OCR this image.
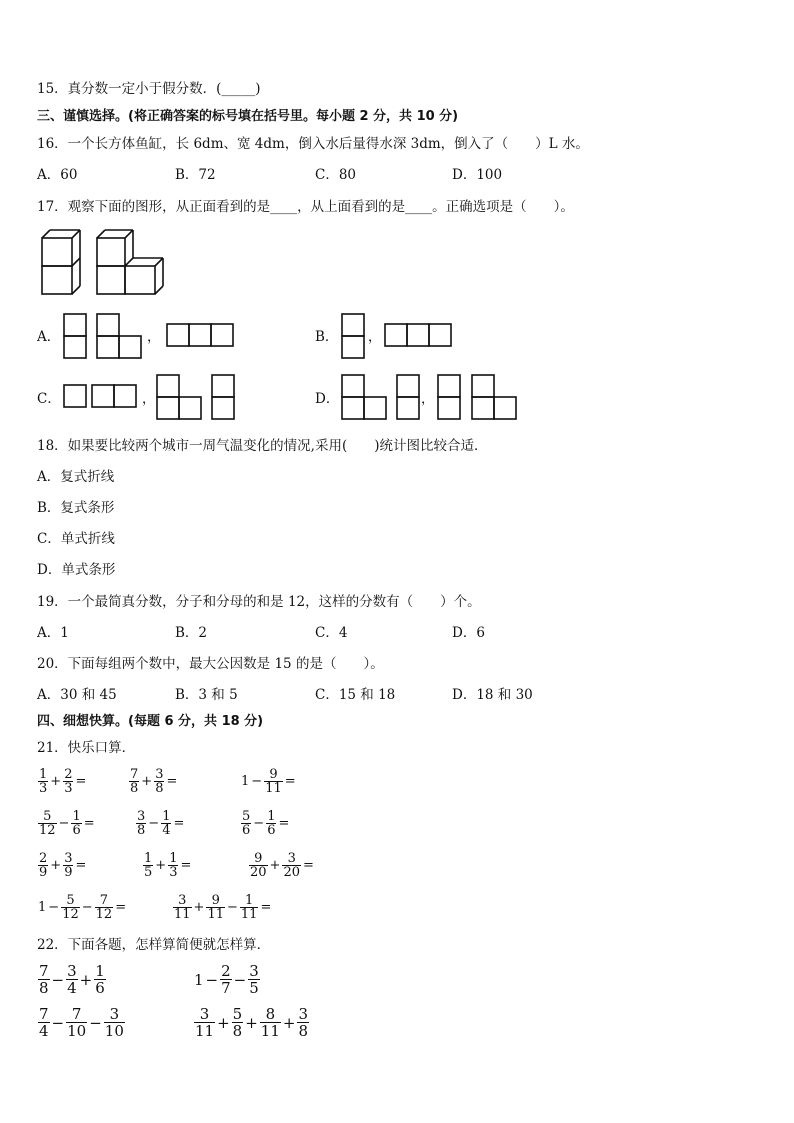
15．真分数一定小于假分数．(_____)
三、谨慎选择。(将正确答案的标号填在括号里。每小题 2 分，共 10 分)
16．一个长方体鱼缸，长 6dm、宽 4dm，倒入水后量得水深 3dm，倒入了（　　）L 水。
A．60	B．72	C．80	D．100
17．观察下面的图形，从正面看到的是____，从上面看到的是____。正确选项是（　　）。
A．	，	B． ，
C．	，	D．	，
18．如果要比较两个城市一周气温变化的情况,采用(　　)统计图比较合适．
A．复式折线
B．复式条形
C．单式折线
D．单式条形
19．一个最简真分数，分子和分母的和是 12，这样的分数有（　　）个。
A．1	B．2	C．4	D．6
20．下面每组两个数中，最大公因数是 15 的是（　　）。
A．30 和 45	B．3 和 5	C．15 和 18	D．18 和 30
四、细想快算。(每题 6 分，共 18 分)
21．快乐口算．
$\frac{1}{3} + \frac{2}{3}$ =	$\frac{7}{8} + \frac{3}{8}$ =	$1 - \frac{9}{11}$ =
$\frac{5}{12} - \frac{1}{6}$ =	$\frac{3}{8} - \frac{1}{4}$ =	$\frac{5}{6} - \frac{1}{6}$ =
$\frac{2}{9} + \frac{3}{9}$ =	$\frac{1}{5} + \frac{1}{3}$ =	$\frac{9}{20} + \frac{3}{20}$ =
$1 - \frac{5}{12} - \frac{7}{12}$ =	$\frac{3}{11} + \frac{9}{11} - \frac{1}{11}$ =
22．下面各题，怎样算简便就怎样算．
$\frac{7}{8} - \frac{3}{4} + \frac{1}{6}$	$1 - \frac{2}{7} - \frac{3}{5}$
$\frac{7}{4} - \frac{7}{10} - \frac{3}{10}$	$\frac{3}{11} + \frac{5}{8} + \frac{8}{11} + \frac{3}{8}$
